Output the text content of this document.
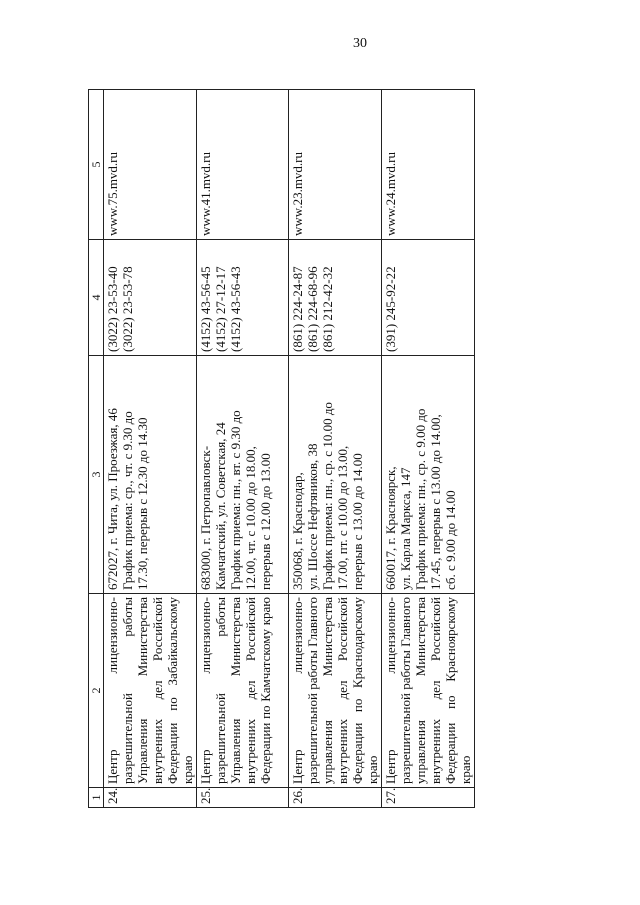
30
1	2	3	4	5
24.	Центр лицензионно-разрешительной работы Управления Министерства внутренних дел Российской Федерации по Забайкальскому краю	672027, г. Чита, ул. Проезжая, 46 График приема: ср., чт. с 9.30 до 17.30, перерыв с 12.30 до 14.30	(3022) 23-53-40 (3022) 23-53-78	www.75.mvd.ru
25.	Центр лицензионно-разрешительной работы Управления Министерства внутренних дел Российской Федерации по Камчатскому краю	683000, г. Петропавловск- Камчатский, ул. Советская, 24 График приема: пн., вт. с 9.30 до 12.00, чт. с 10.00 до 18.00, перерыв с 12.00 до 13.00	(4152) 43-56-45 (4152) 27-12-17 (4152) 43-56-43	www.41.mvd.ru
26.	Центр лицензионно-разрешительной работы Главного управления Министерства внутренних дел Российской Федерации по Краснодарскому краю	350068, г. Краснодар, ул. Шоссе Нефтяников, 38 График приема: пн., ср. с 10.00 до 17.00, пт. с 10.00 до 13.00, перерыв с 13.00 до 14.00	(861) 224-24-87 (861) 224-68-96 (861) 212-42-32	www.23.mvd.ru
27.	Центр лицензионно-разрешительной работы Главного управления Министерства внутренних дел Российской Федерации по Красноярскому краю	660017, г. Красноярск, ул. Карла Маркса, 147 График приема: пн., ср. с 9.00 до 17.45, перерыв с 13.00 до 14.00, сб. с 9.00 до 14.00	(391) 245-92-22	www.24.mvd.ru
